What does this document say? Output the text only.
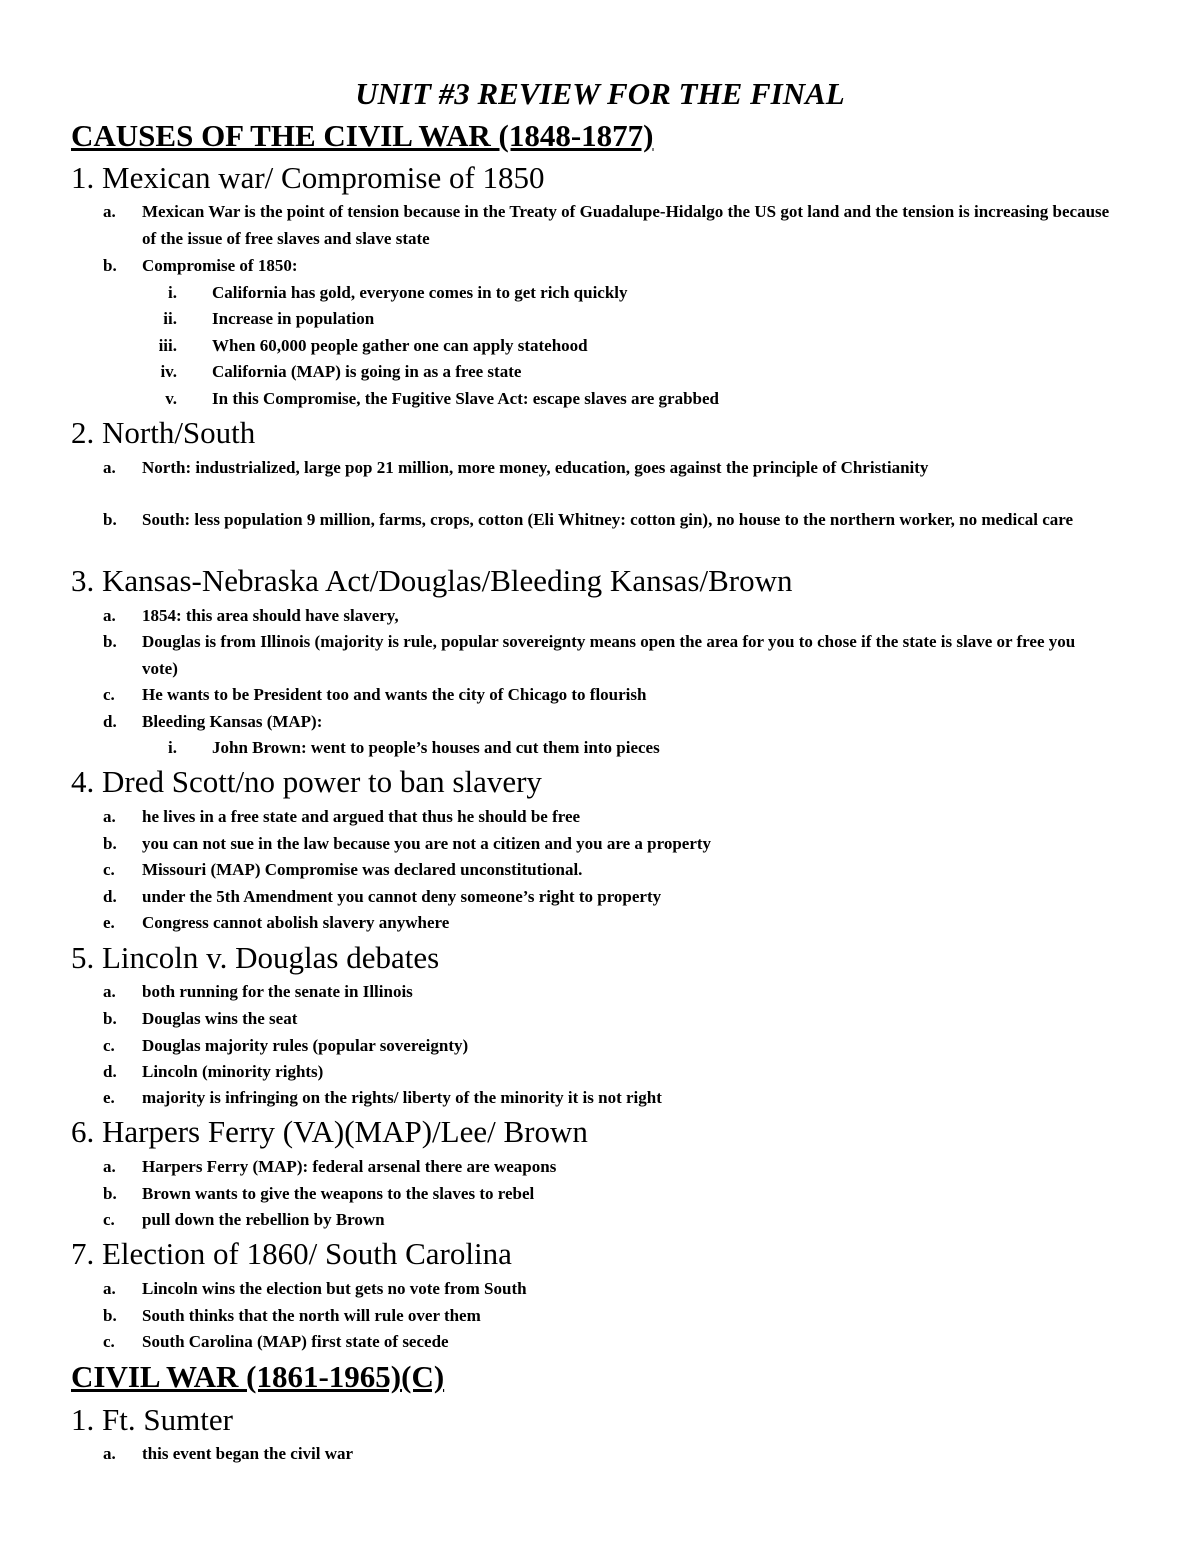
UNIT #3 REVIEW FOR THE FINAL
CAUSES OF THE CIVIL WAR (1848-1877)
1. Mexican war/ Compromise of 1850
a.	Mexican War is the point of tension because in the Treaty of Guadalupe-Hidalgo the US got land and the tension is increasing because of the issue of free slaves and slave state
b.	Compromise of 1850:
i. California has gold, everyone comes in to get rich quickly
ii. Increase in population
iii. When 60,000 people gather one can apply statehood
iv. California (MAP) is going in as a free state
v. In this Compromise, the Fugitive Slave Act: escape slaves are grabbed
2. North/South
a.	North: industrialized, large pop 21 million, more money, education, goes against the principle of Christianity
b.	South: less population 9 million, farms, crops, cotton (Eli Whitney: cotton gin), no house to the northern worker, no medical care
3. Kansas-Nebraska Act/Douglas/Bleeding Kansas/Brown
a.	1854: this area should have slavery,
b.	Douglas is from Illinois (majority is rule, popular sovereignty means open the area for you to chose if the state is slave or free you vote)
c.	He wants to be President too and wants the city of Chicago to flourish
d.	Bleeding Kansas (MAP):
i. John Brown: went to people’s houses and cut them into pieces
4. Dred Scott/no power to ban slavery
a.	he lives in a free state and argued that thus he should be free
b.	you can not sue in the law because you are not a citizen and you are a property
c.	Missouri (MAP) Compromise was declared unconstitutional.
d.	under the 5th Amendment you cannot deny someone’s right to property
e.	Congress cannot abolish slavery anywhere
5. Lincoln v. Douglas debates
a.	both running for the senate in Illinois
b.	Douglas wins the seat
c.	Douglas majority rules (popular sovereignty)
d.	Lincoln (minority rights)
e.	majority is infringing on the rights/ liberty of the minority it is not right
6. Harpers Ferry (VA)(MAP)/Lee/ Brown
a.	Harpers Ferry (MAP): federal arsenal there are weapons
b.	Brown wants to give the weapons to the slaves to rebel
c.	pull down the rebellion by Brown
7. Election of 1860/ South Carolina
a.	Lincoln wins the election but gets no vote from South
b.	South thinks that the north will rule over them
c.	South Carolina (MAP) first state of secede
CIVIL WAR (1861-1965)(C)
1. Ft. Sumter
a.	this event began the civil war
